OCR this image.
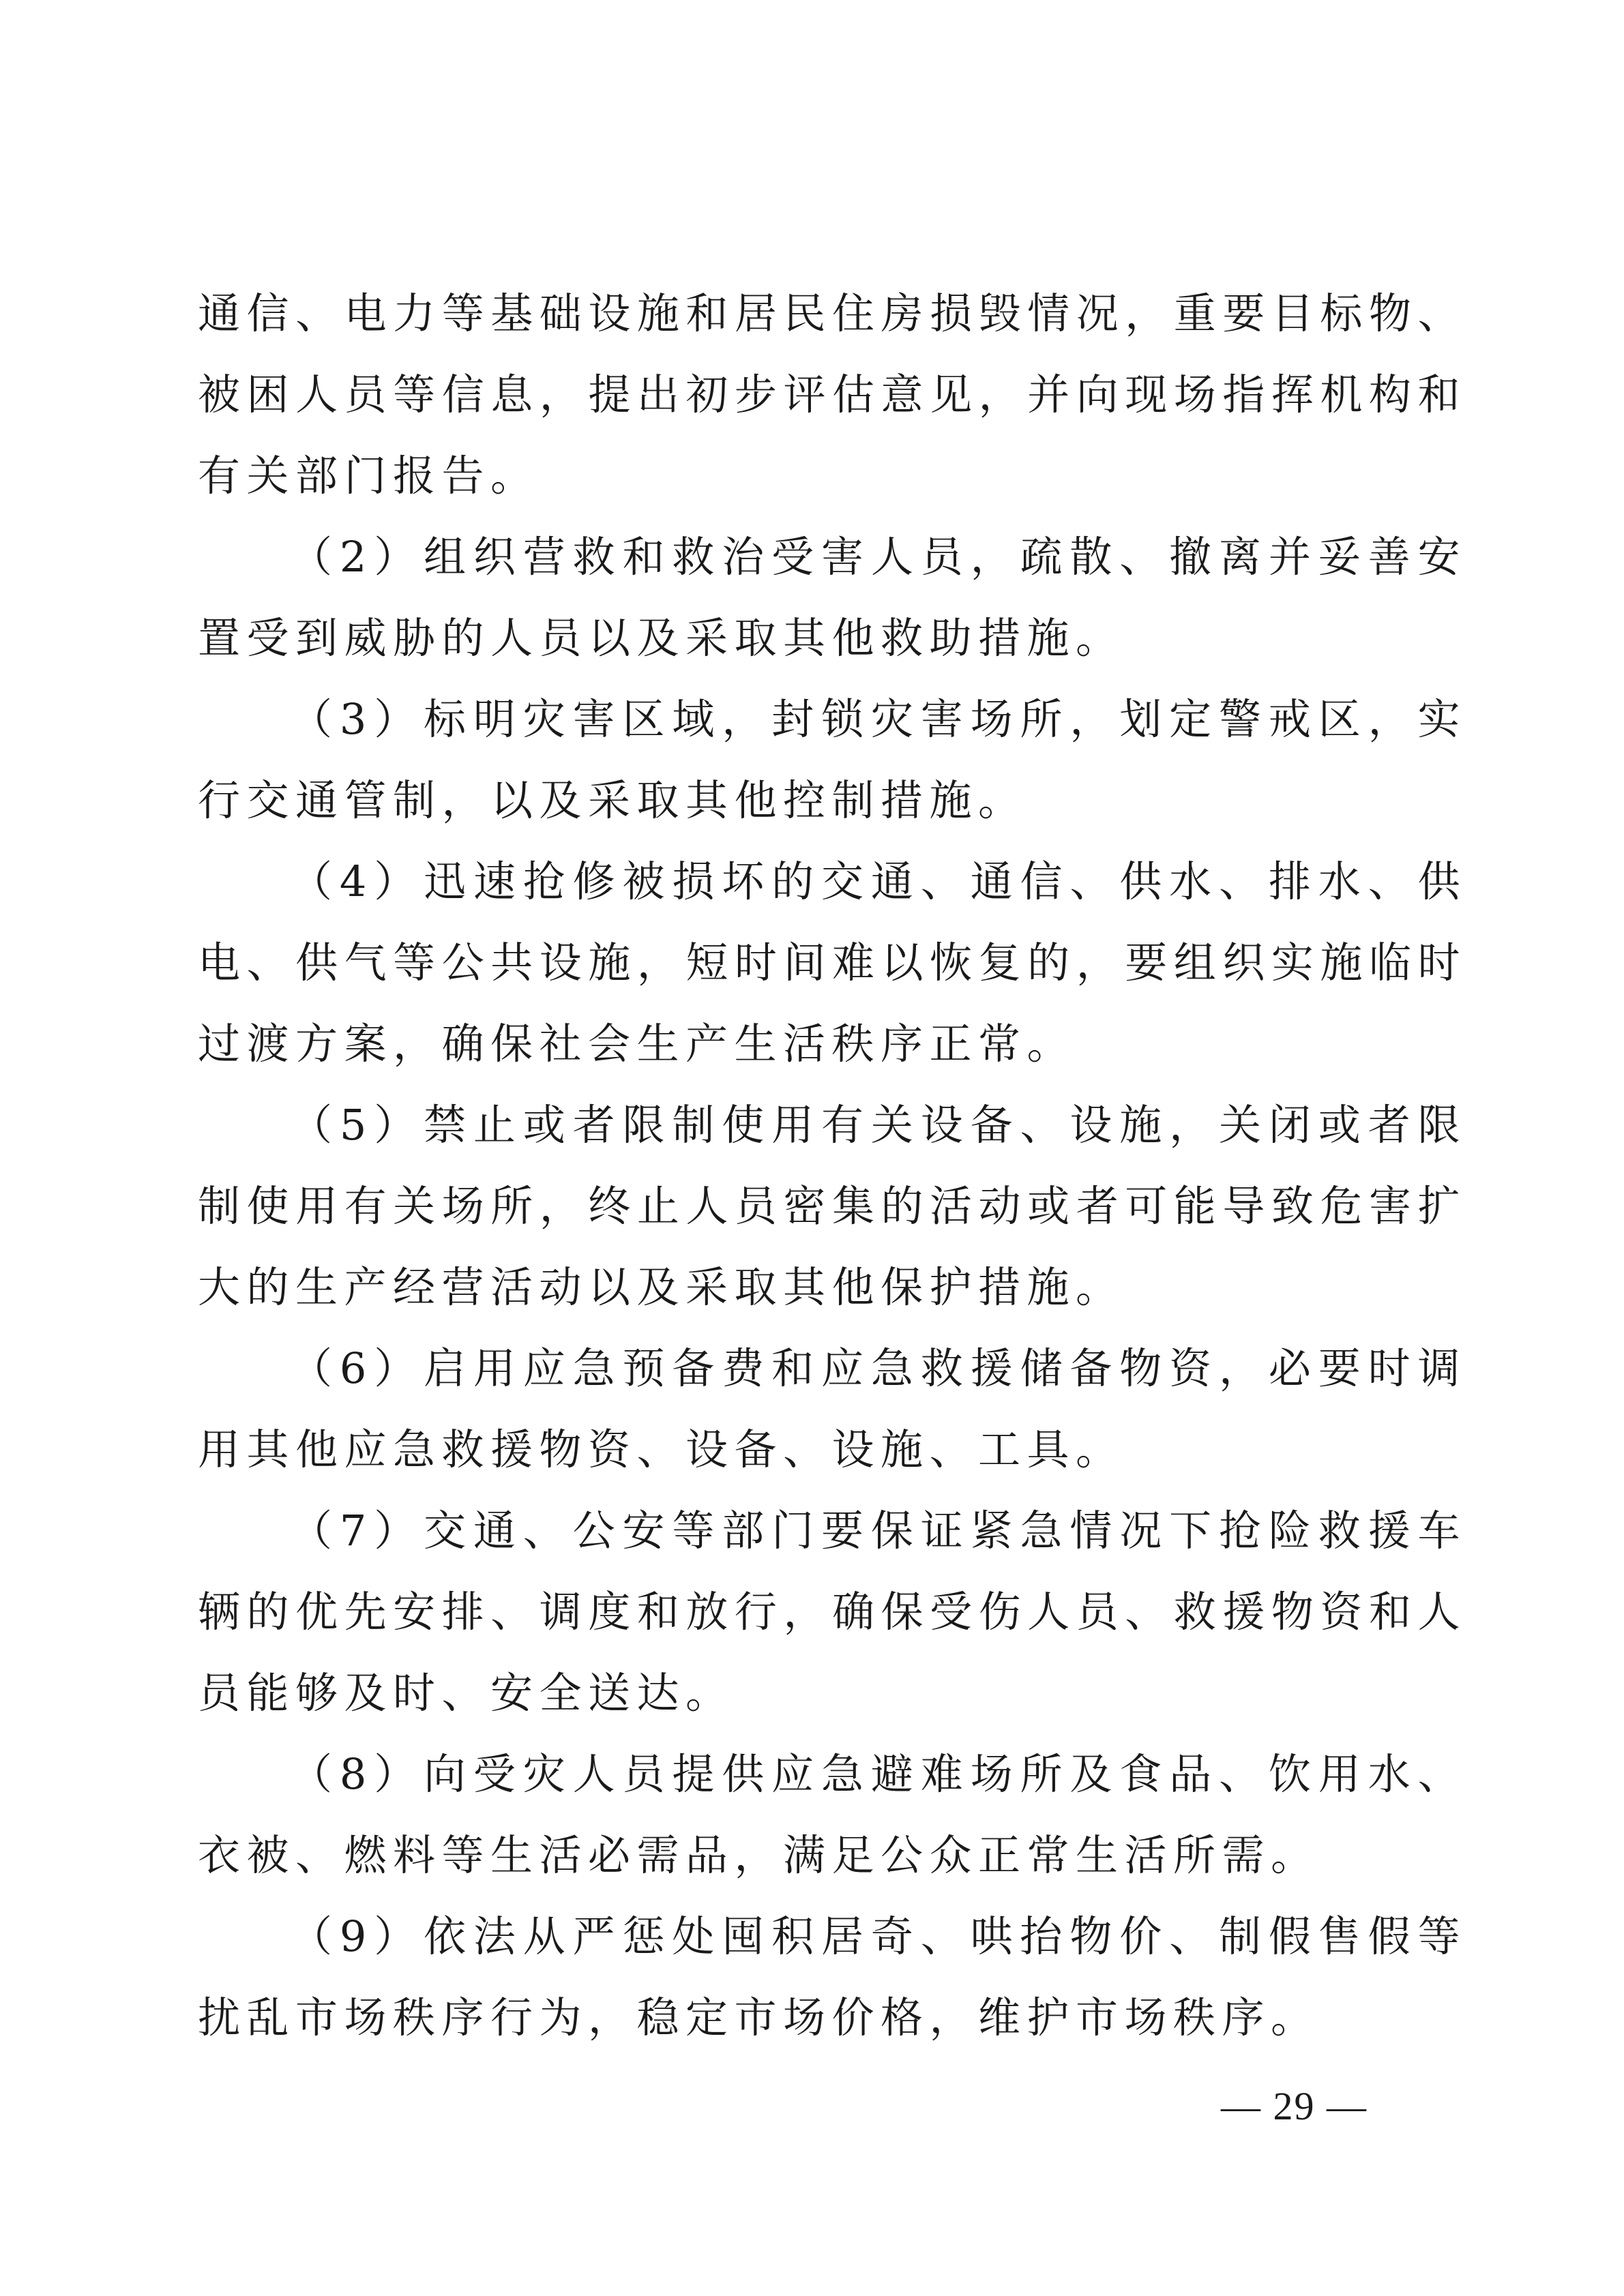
通信、电力等基础设施和居民住房损毁情况，重要目标物、被困人员等信息，提出初步评估意见，并向现场指挥机构和有关部门报告。

（2）组织营救和救治受害人员，疏散、撤离并妥善安置受到威胁的人员以及采取其他救助措施。

（3）标明灾害区域，封锁灾害场所，划定警戒区，实行交通管制，以及采取其他控制措施。

（4）迅速抢修被损坏的交通、通信、供水、排水、供电、供气等公共设施，短时间难以恢复的，要组织实施临时过渡方案，确保社会生产生活秩序正常。

（5）禁止或者限制使用有关设备、设施，关闭或者限制使用有关场所，终止人员密集的活动或者可能导致危害扩大的生产经营活动以及采取其他保护措施。

（6）启用应急预备费和应急救援储备物资，必要时调用其他应急救援物资、设备、设施、工具。

（7）交通、公安等部门要保证紧急情况下抢险救援车辆的优先安排、调度和放行，确保受伤人员、救援物资和人员能够及时、安全送达。

（8）向受灾人员提供应急避难场所及食品、饮用水、衣被、燃料等生活必需品，满足公众正常生活所需。

（9）依法从严惩处囤积居奇、哄抬物价、制假售假等扰乱市场秩序行为，稳定市场价格，维护市场秩序。

— 29 —
